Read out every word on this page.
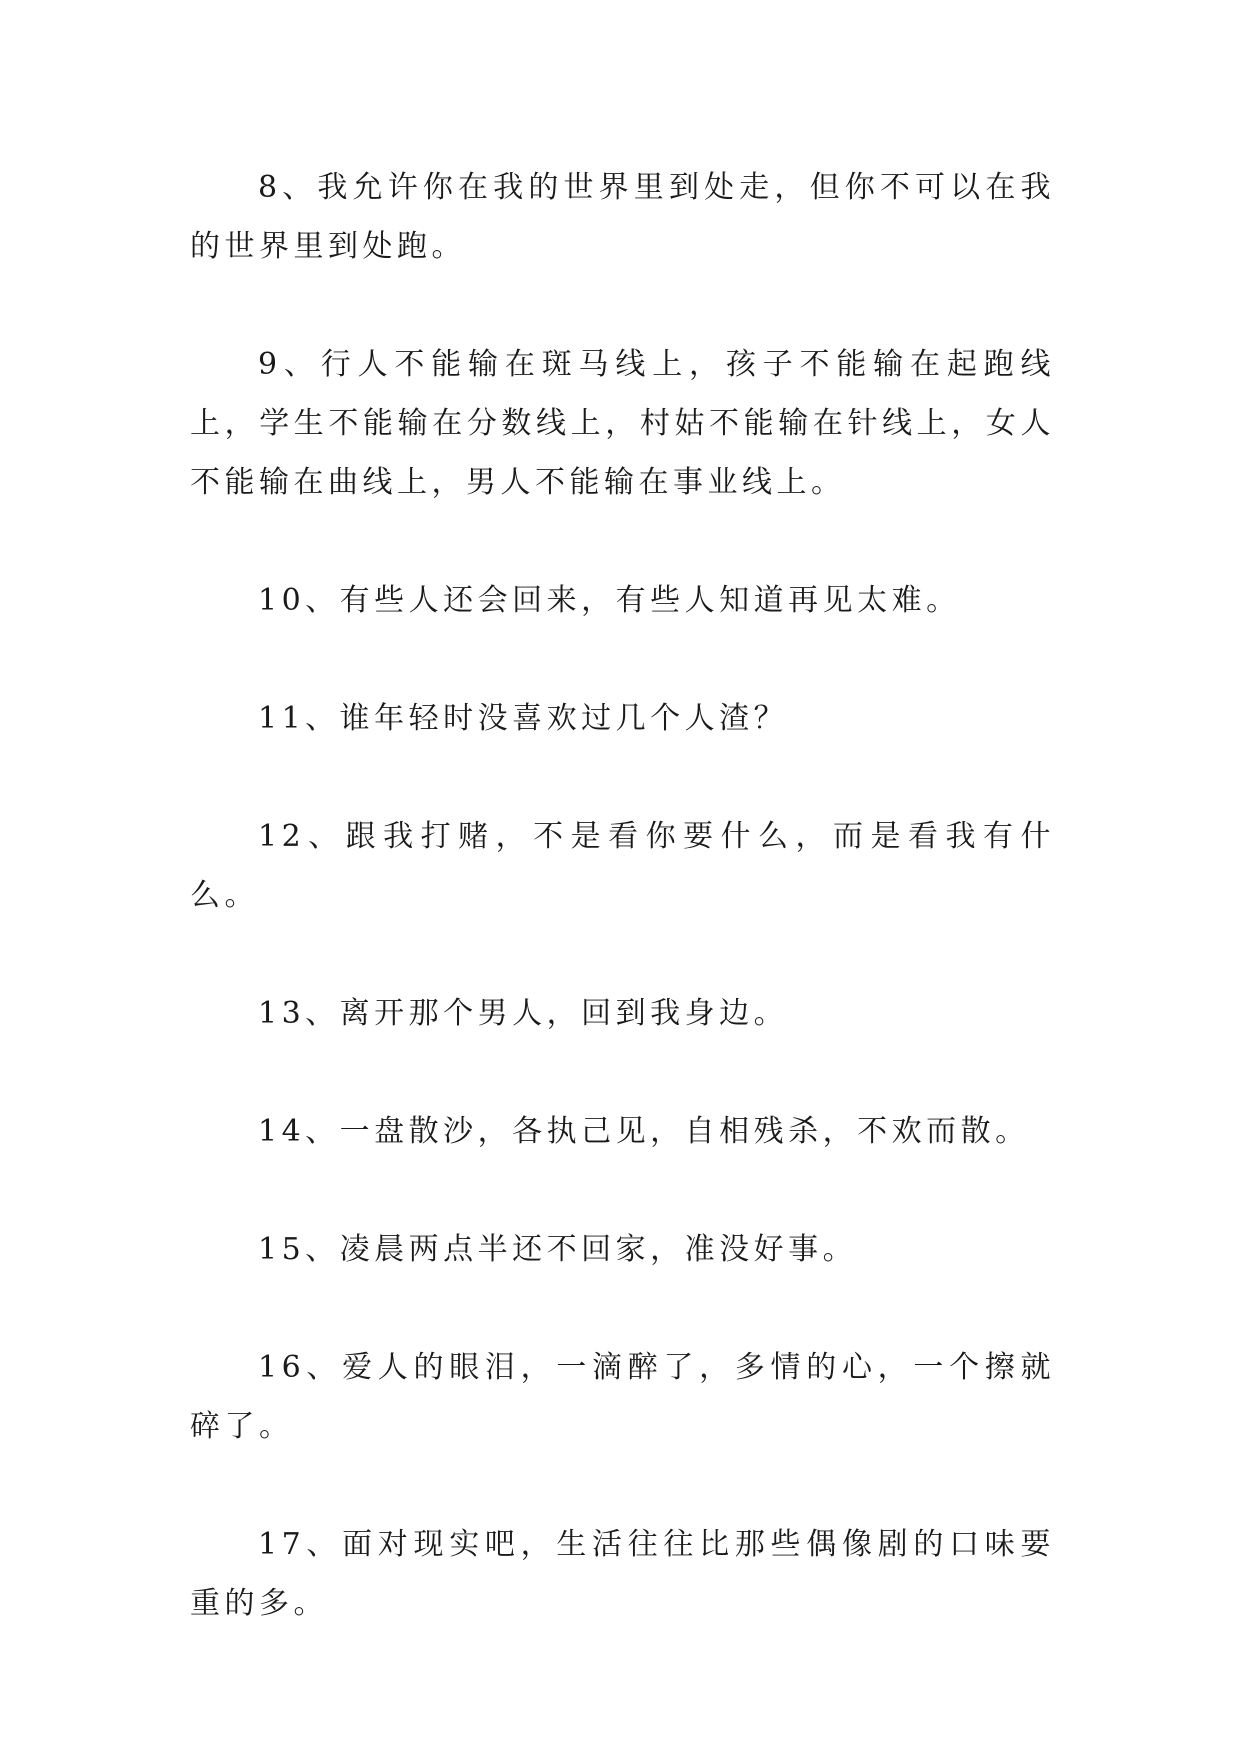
8、我允许你在我的世界里到处走，但你不可以在我的世界里到处跑。

9、行人不能输在斑马线上，孩子不能输在起跑线上，学生不能输在分数线上，村姑不能输在针线上，女人不能输在曲线上，男人不能输在事业线上。

10、有些人还会回来，有些人知道再见太难。

11、谁年轻时没喜欢过几个人渣？

12、跟我打赌，不是看你要什么，而是看我有什么。

13、离开那个男人，回到我身边。

14、一盘散沙，各执己见，自相残杀，不欢而散。

15、凌晨两点半还不回家，准没好事。

16、爱人的眼泪，一滴醉了，多情的心，一个擦就碎了。

17、面对现实吧，生活往往比那些偶像剧的口味要重的多。
